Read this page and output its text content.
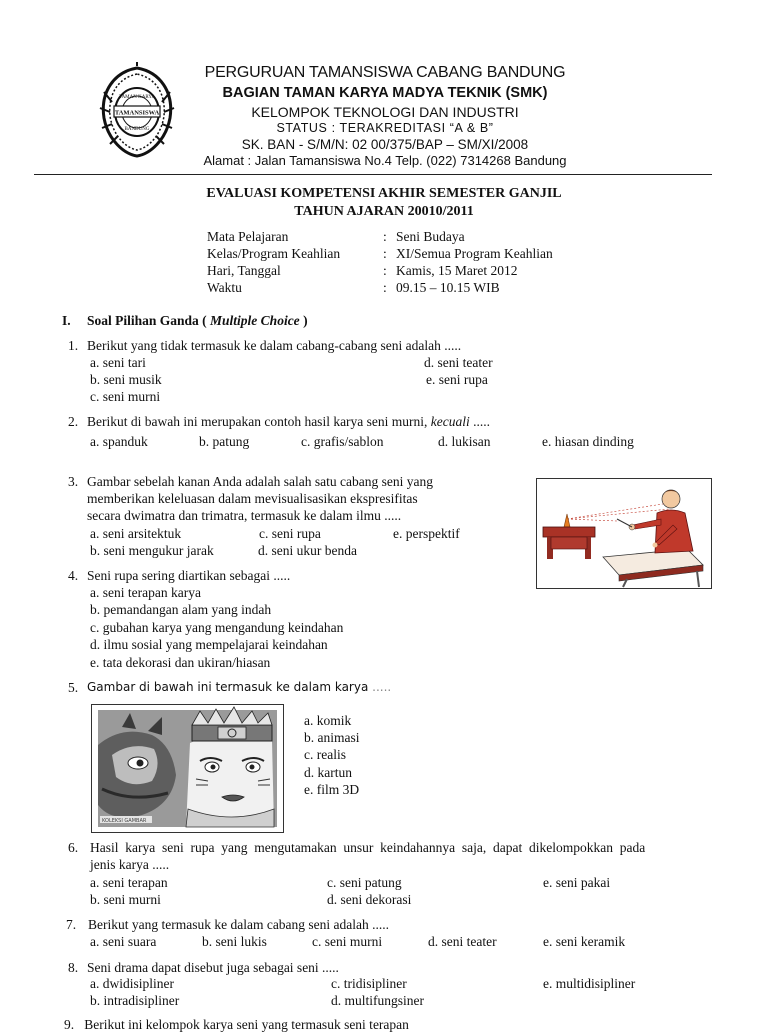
TAMANSISWA
TAMAN KARYA
BANDUNG
PERGURUAN TAMANSISWA CABANG BANDUNG
BAGIAN TAMAN KARYA MADYA TEKNIK (SMK)
KELOMPOK TEKNOLOGI DAN INDUSTRI
STATUS : TERAKREDITASI “A & B”
SK. BAN - S/M/N: 02 00/375/BAP – SM/XI/2008
Alamat : Jalan Tamansiswa No.4 Telp. (022) 7314268 Bandung
EVALUASI KOMPETENSI AKHIR SEMESTER GANJIL
TAHUN AJARAN 20010/2011
Mata Pelajaran	: Seni Budaya
Kelas/Program Keahlian	: XI/Semua Program Keahlian
Hari, Tanggal	: Kamis, 15 Maret 2012
Waktu	: 09.15 – 10.15 WIB
I. Soal Pilihan Ganda ( Multiple Choice )
1. Berikut yang tidak termasuk ke dalam cabang-cabang seni adalah .....
a. seni tari
b. seni musik
c. seni murni
d. seni teater
e. seni rupa
2. Berikut di bawah ini merupakan contoh hasil karya seni murni, kecuali .....
a. spanduk	b. patung	c. grafis/sablon	d. lukisan	e. hiasan dinding
3. Gambar sebelah kanan Anda adalah salah satu cabang seni yang
memberikan keleluasan dalam mevisualisasikan ekspresifitas
secara dwimatra dan trimatra, termasuk ke dalam ilmu .....
a. seni arsitektuk	c. seni rupa	e. perspektif
b. seni mengukur jarak	d. seni ukur benda
4. Seni rupa sering diartikan sebagai .....
a. seni terapan karya
b. pemandangan alam yang indah
c. gubahan karya yang mengandung keindahan
d. ilmu sosial yang mempelajarai keindahan
e. tata dekorasi dan ukiran/hiasan
5. Gambar di bawah ini termasuk ke dalam karya .....
KOLEKSI GAMBAR
a. komik
b. animasi
c. realis
d. kartun
e. film 3D
6. Hasil  karya  seni  rupa  yang  mengutamakan  unsur  keindahannya  saja,  dapat  dikelompokkan  pada
jenis karya .....
a. seni terapan
b. seni murni
c. seni patung
d. seni dekorasi
e. seni pakai
7. Berikut yang termasuk ke dalam cabang seni adalah .....
a. seni suara	b. seni lukis	c. seni murni	d. seni teater	e. seni keramik
8. Seni drama dapat disebut juga sebagai seni .....
a. dwidisipliner
b. intradisipliner
c. tridisipliner
d. multifungsiner
e. multidisipliner
9.   Berikut ini kelompok karya seni yang termasuk seni terapan
